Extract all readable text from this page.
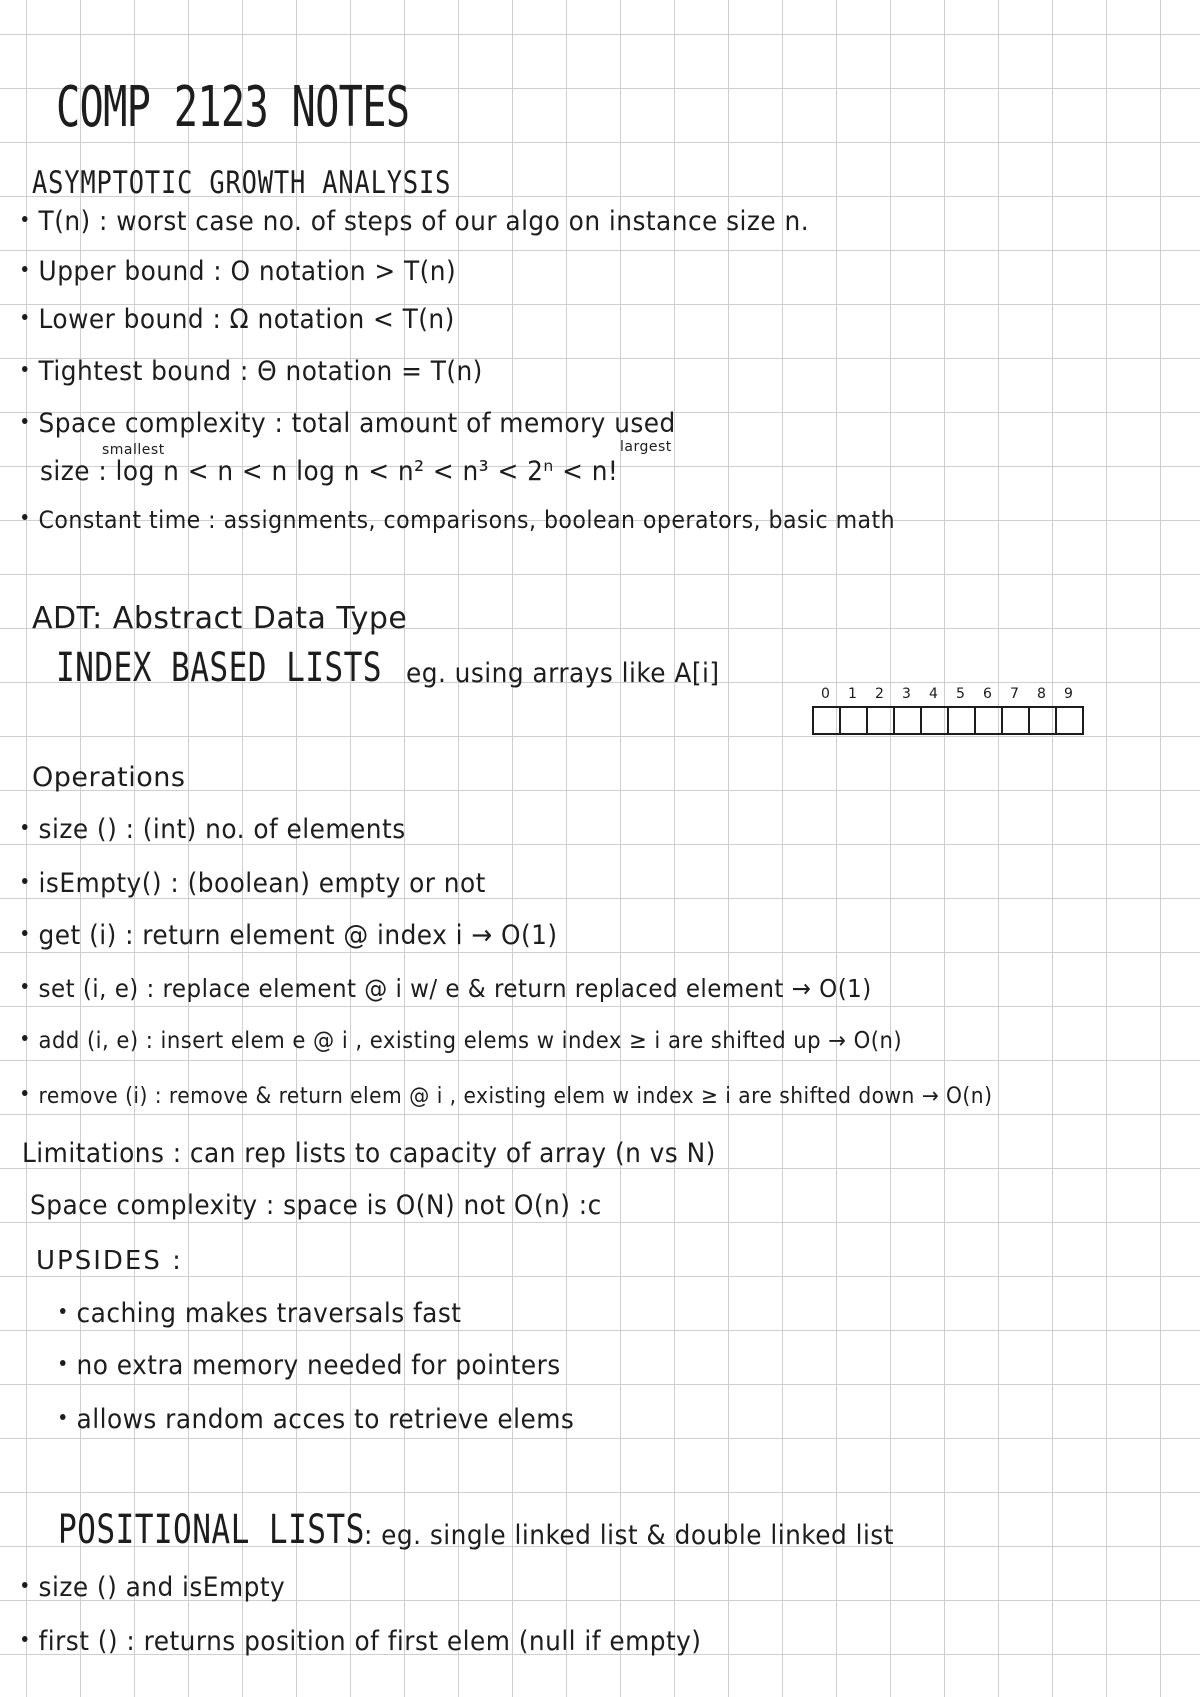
COMP 2123 NOTES
ASYMPTOTIC GROWTH ANALYSIS
T(n) : worst case no. of steps of our algo on instance size n.
Upper bound : O notation > T(n)
Lower bound : Ω notation < T(n)
Tightest bound : Θ notation = T(n)
Space complexity : total amount of memory used
smallest	largest
size : log n < n < n log n < n² < n³ < 2ⁿ < n!
Constant time : assignments, comparisons, boolean operators, basic math
ADT: Abstract Data Type
INDEX BASED LISTS eg. using arrays like A[i]
0	1	2	3	4	5	6	7	8	9
Operations
size () : (int) no. of elements
isEmpty() : (boolean) empty or not
get (i) : return element @ index i → O(1)
set (i, e) : replace element @ i w/ e & return replaced element → O(1)
add (i, e) : insert elem e @ i , existing elems w index ≥ i are shifted up → O(n)
remove (i) : remove & return elem @ i , existing elem w index ≥ i are shifted down → O(n)
Limitations : can rep lists to capacity of array (n vs N)
Space complexity : space is O(N) not O(n) :c
UPSIDES :
caching makes traversals fast
no extra memory needed for pointers
allows random acces to retrieve elems
POSITIONAL LISTS : eg. single linked list & double linked list
size () and isEmpty
first () : returns position of first elem (null if empty)
